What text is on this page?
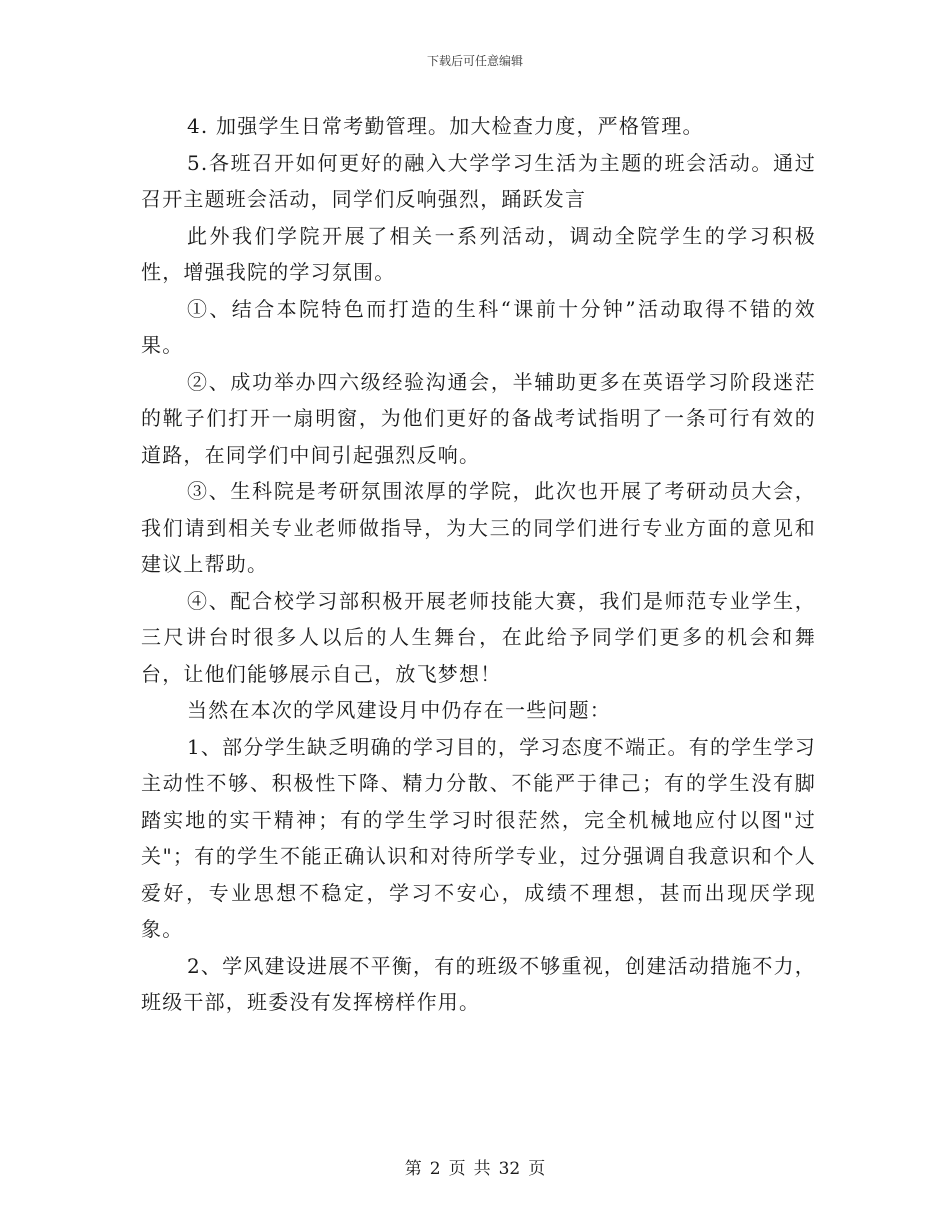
下载后可任意编辑

4. 加强学生日常考勤管理。加大检查力度，严格管理。

5.各班召开如何更好的融入大学学习生活为主题的班会活动。通过召开主题班会活动，同学们反响强烈，踊跃发言

此外我们学院开展了相关一系列活动，调动全院学生的学习积极性，增强我院的学习氛围。

①、结合本院特色而打造的生科“课前十分钟”活动取得不错的效果。

②、成功举办四六级经验沟通会，半辅助更多在英语学习阶段迷茫的靴子们打开一扇明窗，为他们更好的备战考试指明了一条可行有效的道路，在同学们中间引起强烈反响。

③、生科院是考研氛围浓厚的学院，此次也开展了考研动员大会，我们请到相关专业老师做指导，为大三的同学们进行专业方面的意见和建议上帮助。

④、配合校学习部积极开展老师技能大赛，我们是师范专业学生，三尺讲台时很多人以后的人生舞台，在此给予同学们更多的机会和舞台，让他们能够展示自己，放飞梦想！

当然在本次的学风建设月中仍存在一些问题：

1、部分学生缺乏明确的学习目的，学习态度不端正。有的学生学习主动性不够、积极性下降、精力分散、不能严于律己；有的学生没有脚踏实地的实干精神；有的学生学习时很茫然，完全机械地应付以图"过关"；有的学生不能正确认识和对待所学专业，过分强调自我意识和个人爱好，专业思想不稳定，学习不安心，成绩不理想，甚而出现厌学现象。

2、学风建设进展不平衡，有的班级不够重视，创建活动措施不力，班级干部，班委没有发挥榜样作用。

第 2 页 共 32 页
